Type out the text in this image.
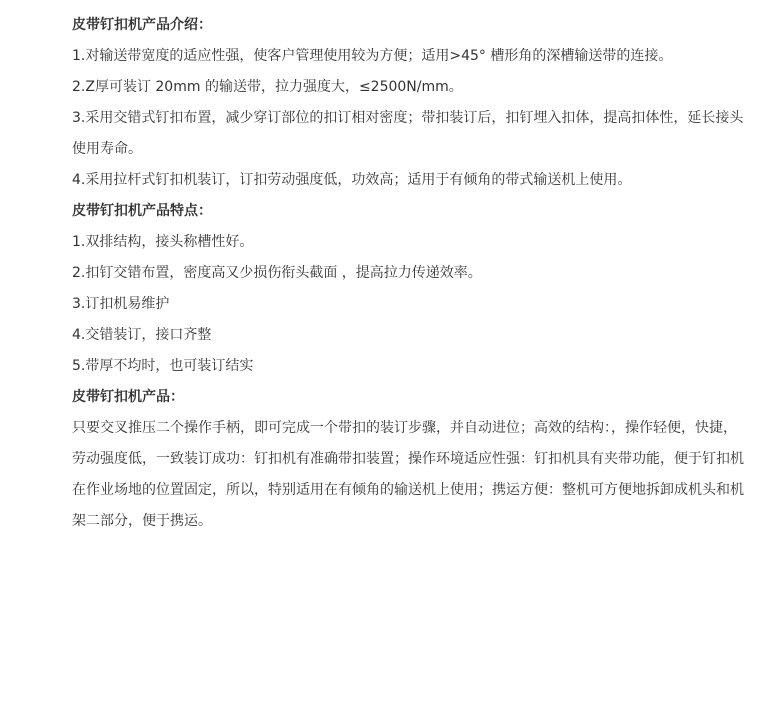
皮带钉扣机产品介绍：

1.对输送带宽度的适应性强，使客户管理使用较为方便；适用>45° 槽形角的深槽输送带的连接。

2.Z厚可装订 20mm 的输送带，拉力强度大，≤2500N/mm。

3.采用交错式钉扣布置，减少穿订部位的扣订相对密度；带扣装订后，扣钉埋入扣体，提高扣体性，延长接头使用寿命。

4.采用拉杆式钉扣机装订，订扣劳动强度低，功效高；适用于有倾角的带式输送机上使用。

皮带钉扣机产品特点：

1.双排结构，接头称槽性好。

2.扣钉交错布置，密度高又少损伤衔头截面 ，提高拉力传递效率。

3.订扣机易维护

4.交错装订，接口齐整

5.带厚不均时，也可装订结实

皮带钉扣机产品：

只要交叉推压二个操作手柄，即可完成一个带扣的装订步骤，并自动进位；高效的结构：，操作轻便，快捷，劳动强度低，一致装订成功：钉扣机有准确带扣装置；操作环境适应性强：钉扣机具有夹带功能，便于钉扣机在作业场地的位置固定，所以，特别适用在有倾角的输送机上使用；携运方便：整机可方便地拆卸成机头和机架二部分，便于携运。
